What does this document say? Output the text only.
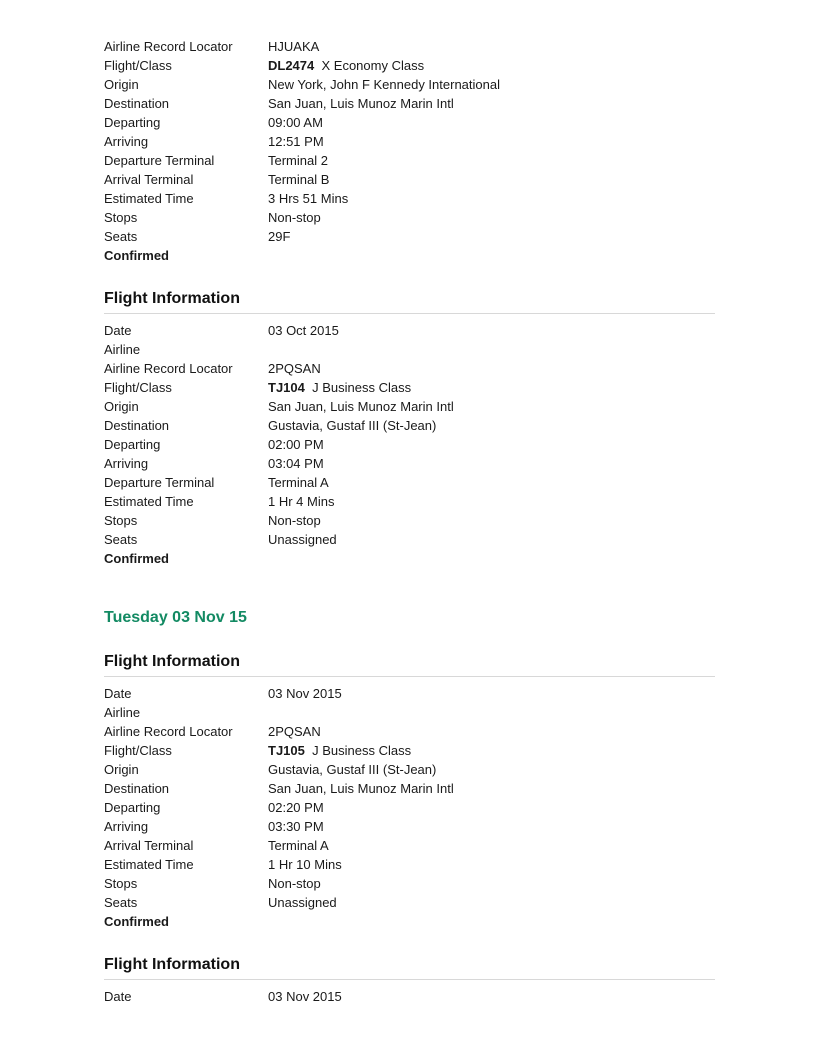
Airline Record Locator	HJUAKA
Flight/Class	DL2474 X Economy Class
Origin	New York, John F Kennedy International
Destination	San Juan, Luis Munoz Marin Intl
Departing	09:00 AM
Arriving	12:51 PM
Departure Terminal	Terminal 2
Arrival Terminal	Terminal B
Estimated Time	3 Hrs 51 Mins
Stops	Non-stop
Seats	29F
Confirmed
Flight Information
Date	03 Oct 2015
Airline
Airline Record Locator	2PQSAN
Flight/Class	TJ104 J Business Class
Origin	San Juan, Luis Munoz Marin Intl
Destination	Gustavia, Gustaf III (St-Jean)
Departing	02:00 PM
Arriving	03:04 PM
Departure Terminal	Terminal A
Estimated Time	1 Hr 4 Mins
Stops	Non-stop
Seats	Unassigned
Confirmed
Tuesday 03 Nov 15
Flight Information
Date	03 Nov 2015
Airline
Airline Record Locator	2PQSAN
Flight/Class	TJ105 J Business Class
Origin	Gustavia, Gustaf III (St-Jean)
Destination	San Juan, Luis Munoz Marin Intl
Departing	02:20 PM
Arriving	03:30 PM
Arrival Terminal	Terminal A
Estimated Time	1 Hr 10 Mins
Stops	Non-stop
Seats	Unassigned
Confirmed
Flight Information
Date	03 Nov 2015
